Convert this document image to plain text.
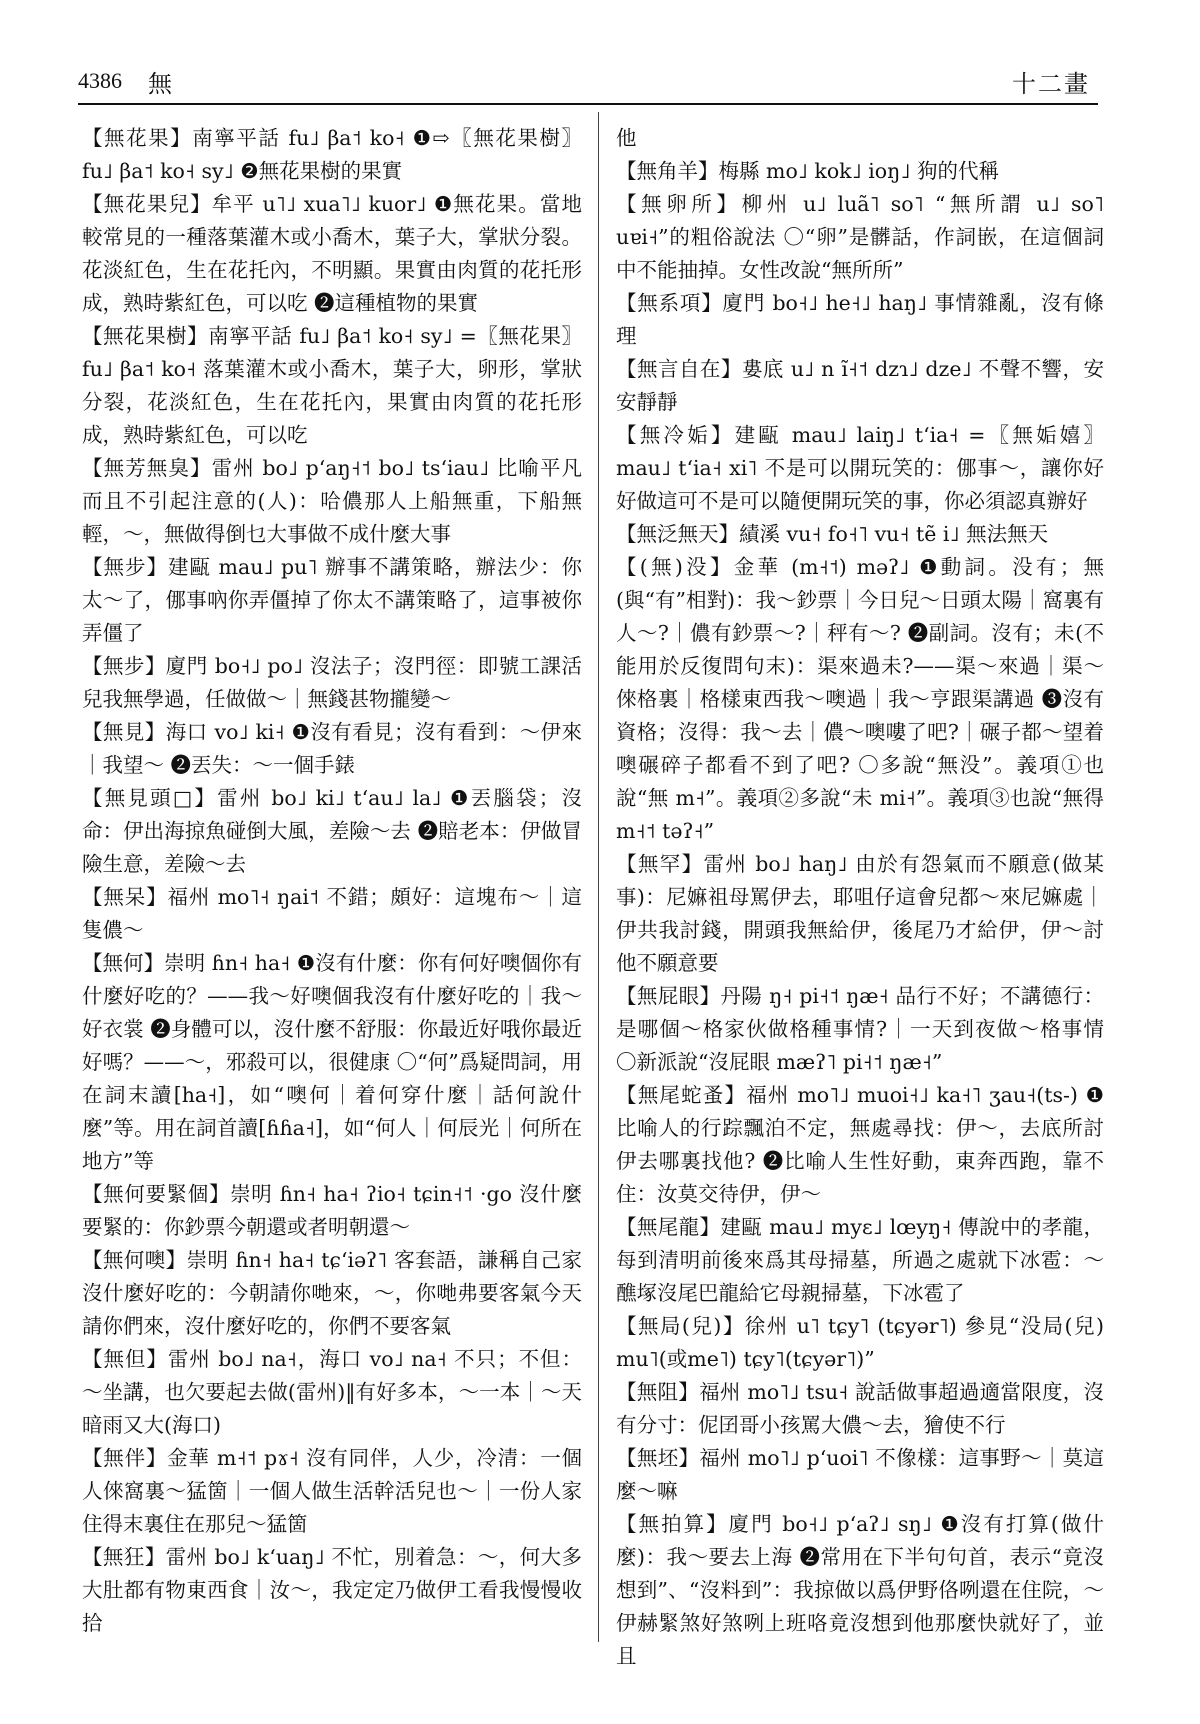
4386 無	十二畫

【無花果】南寧平話 fu˩ βa˦ ko˧ ❶⇨〖無花果樹〗 fu˩ βa˦ ko˧ sy˩ ❷無花果樹的果實

【無花果兒】牟平 u˥˩ xua˥˩ kuor˩ ❶無花果。當地較常見的一種落葉灌木或小喬木，葉子大，掌狀分裂。花淡紅色，生在花托內，不明顯。果實由肉質的花托形成，熟時紫紅色，可以吃 ❷這種植物的果實

【無花果樹】南寧平話 fu˩ βa˦ ko˧ sy˩ =〖無花果〗 fu˩ βa˦ ko˧ 落葉灌木或小喬木，葉子大，卵形，掌狀分裂，花淡紅色，生在花托內，果實由肉質的花托形成，熟時紫紅色，可以吃

【無芳無臭】雷州 bo˩ pʻaŋ˧˦ bo˩ tsʻiau˩ 比喻平凡而且不引起注意的(人)：哈儂那人上船無重，下船無輕，～，無做得倒乜大事做不成什麼大事

【無步】建甌 mau˩ pu˥ 辦事不講策略，辦法少：你太～了，㑚事吶你弄僵掉了你太不講策略了，這事被你弄僵了

【無步】廈門 bo˧˩ po˩ 沒法子；沒門徑：即號工課活兒我無學過，任做做～｜無錢甚物攏變～

【無見】海口 vo˩ ki˧ ❶沒有看見；沒有看到：～伊來｜我望～ ❷丟失：～一個手錶

【無見頭□】雷州 bo˩ ki˩ tʻau˩ la˩ ❶丟腦袋；沒命：伊出海掠魚碰倒大風，差險～去 ❷賠老本：伊做冒險生意，差險～去

【無呆】福州 mo˥˧ ŋai˦ 不錯；頗好：這塊布～｜這隻儂～

【無何】崇明 ɦn˧ ha˧ ❶沒有什麼：你有何好噢個你有什麼好吃的？——我～好噢個我沒有什麼好吃的｜我～好衣裳 ❷身體可以，沒什麼不舒服：你最近好哦你最近好嗎？——～，邪殺可以，很健康 〇“何”爲疑問詞，用在詞末讀[ha˧]，如“噢何｜着何穿什麼｜話何說什麼”等。用在詞首讀[ɦɦa˧]，如“何人｜何辰光｜何所在地方”等

【無何要緊個】崇明 ɦn˧ ha˧ ʔio˧ tɕin˧˦ ·go 沒什麼要緊的：你鈔票今朝還或者明朝還～

【無何噢】崇明 ɦn˧ ha˧ tɕʻiəʔ˥ 客套語，謙稱自己家沒什麼好吃的：今朝請你哋來，～，你哋弗要客氣今天請你們來，沒什麼好吃的，你們不要客氣

【無但】雷州 bo˩ na˧，海口 vo˩ na˧ 不只；不但：～坐講，也欠要起去做(雷州)‖有好多本，～一本｜～天暗雨又大(海口)

【無伴】金華 m˧˦ pɤ˧ 沒有同伴，人少，冷清：一個人倈窩裏～猛箇｜一個人做生活幹活兒也～｜一份人家住得末裏住在那兒～猛箇

【無狂】雷州 bo˩ kʻuaŋ˩ 不忙，別着急：～，何大多大肚都有物東西食｜汝～，我定定乃做伊工看我慢慢收拾

他

【無角羊】梅縣 mo˩ kok˩ ioŋ˩ 狗的代稱

【無卵所】柳州 u˩ luã˥ so˥ “無所謂 u˩ so˥ uɐi˧”的粗俗說法 〇“卵”是髒話，作詞嵌，在這個詞中不能抽掉。女性改說“無所所”

【無系項】廈門 bo˧˩ he˧˩ haŋ˩ 事情雜亂，沒有條理

【無言自在】婁底 u˩ n ĩ˧˦ dzɿ˩ dze˩ 不聲不響，安安靜靜

【無冷姤】建甌 mau˩ laiŋ˩ tʻia˧ =〖無姤嬉〗 mau˩ tʻia˧ xi˥ 不是可以開玩笑的：㑚事～，讓你好好做這可不是可以隨便開玩笑的事，你必須認真辦好

【無泛無天】績溪 vu˧ fo˧˥ vu˧ tẽ i˩ 無法無天

【(無)没】金華 (m˧˦) məʔ˩ ❶動詞。没有；無(與“有”相對)：我～鈔票｜今日兒～日頭太陽｜窩裏有人～?｜儂有鈔票～?｜秤有～? ❷副詞。沒有；未(不能用於反復問句末)：渠來過未?——渠～來過｜渠～倈格裏｜格樣東西我～噢過｜我～亨跟渠講過 ❸沒有資格；沒得：我～去｜儂～噢嘍了吧?｜碾子都～望着噢碾碎子都看不到了吧? 〇多說“無没”。義項①也說“無 m˧”。義項②多說“未 mi˧”。義項③也說“無得 m˧˦ təʔ˧”

【無罕】雷州 bo˩ haŋ˩ 由於有怨氣而不願意(做某事)：尼嫲祖母罵伊去，耶咀仔這會兒都～來尼嫲處｜伊共我討錢，開頭我無給伊，後尾乃才給伊，伊～討他不願意要

【無屁眼】丹陽 ŋ˧ pi˧˦ ŋæ˧ 品行不好；不講德行：是哪個～格家伙做格種事情?｜一天到夜做～格事情 〇新派說“沒屁眼 mæʔ˥ pi˧˦ ŋæ˧”

【無尾蛇蚤】福州 mo˥˩ muoi˧˩ ka˧˥ ʒau˧(ts-) ❶比喻人的行踪飄泊不定，無處尋找：伊～，去底所討伊去哪裏找他? ❷比喻人生性好動，東奔西跑，靠不住：汝莫交待伊，伊～

【無尾龍】建甌 mau˩ myɛ˩ lœyŋ˧ 傳說中的孝龍，每到清明前後來爲其母掃墓，所過之處就下冰雹：～醮塚沒尾巴龍給它母親掃墓，下冰雹了

【無局(兒)】徐州 u˥ tɕy˥ (tɕyər˥) 參見“没局(兒) mu˥(或me˥) tɕy˥(tɕyər˥)”

【無阻】福州 mo˥˩ tsu˧ 說話做事超過適當限度，沒有分寸：伲囝哥小孩罵大儂～去，獪使不行

【無坯】福州 mo˥˩ pʻuoi˥ 不像樣：這事野～｜莫這麼～嘛

【無拍算】廈門 bo˧˩ pʻaʔ˩ sŋ˩ ❶沒有打算(做什麼)：我～要去上海 ❷常用在下半句句首，表示“竟沒想到”、“沒料到”：我掠做以爲伊野佫咧還在住院，～伊赫緊煞好煞咧上班咯竟沒想到他那麼快就好了，並且
